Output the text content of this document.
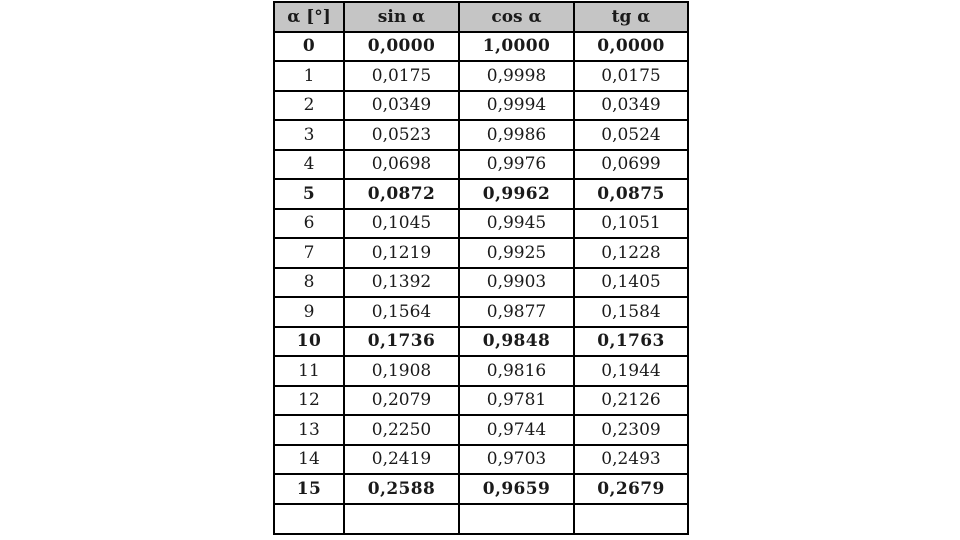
α [°]	sin α	cos α	tg α
0	0,0000	1,0000	0,0000
1	0,0175	0,9998	0,0175
2	0,0349	0,9994	0,0349
3	0,0523	0,9986	0,0524
4	0,0698	0,9976	0,0699
5	0,0872	0,9962	0,0875
6	0,1045	0,9945	0,1051
7	0,1219	0,9925	0,1228
8	0,1392	0,9903	0,1405
9	0,1564	0,9877	0,1584
10	0,1736	0,9848	0,1763
11	0,1908	0,9816	0,1944
12	0,2079	0,9781	0,2126
13	0,2250	0,9744	0,2309
14	0,2419	0,9703	0,2493
15	0,2588	0,9659	0,2679
